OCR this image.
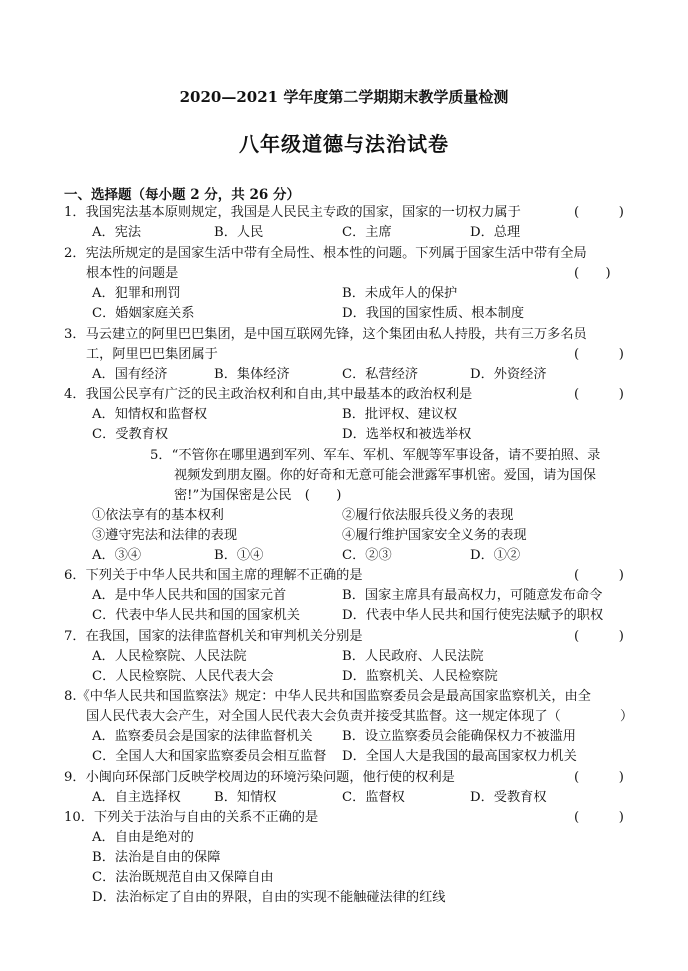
2020—2021 学年度第二学期期末教学质量检测
八年级道德与法治试卷
一、选择题（每小题 2 分，共 26 分）
1．我国宪法基本原则规定，我国是人民民主专政的国家，国家的一切权力属于	(　　　)
A．宪法	B．人民	C．主席	D．总理
2．宪法所规定的是国家生活中带有全局性、根本性的问题。下列属于国家生活中带有全局
根本性的问题是	(　　)
A．犯罪和刑罚	B．未成年人的保护
C．婚姻家庭关系	D．我国的国家性质、根本制度
3．马云建立的阿里巴巴集团，是中国互联网先锋，这个集团由私人持股，共有三万多名员
工，阿里巴巴集团属于	(　　　)
A．国有经济	B．集体经济	C．私营经济	D．外资经济
4．我国公民享有广泛的民主政治权利和自由,其中最基本的政治权利是	(　　　)
A．知情权和监督权	B．批评权、建议权
C．受教育权	D．选举权和被选举权
5．“不管你在哪里遇到军列、军车、军机、军舰等军事设备，请不要拍照、录
视频发到朋友圈。你的好奇和无意可能会泄露军事机密。爱国，请为国保
密!”为国保密是公民　(　　)
①依法享有的基本权利	②履行依法服兵役义务的表现
③遵守宪法和法律的表现	④履行维护国家安全义务的表现
A．③④	B．①④	C．②③	D．①②
6．下列关于中华人民共和国主席的理解不正确的是	(　　　)
A．是中华人民共和国的国家元首	B．国家主席具有最高权力，可随意发布命令
C．代表中华人民共和国的国家机关	D．代表中华人民共和国行使宪法赋予的职权
7．在我国，国家的法律监督机关和审判机关分别是	(　　　)
A．人民检察院、人民法院	B．人民政府、人民法院
C．人民检察院、人民代表大会	D．监察机关、人民检察院
8.《中华人民共和国监察法》规定：中华人民共和国监察委员会是最高国家监察机关，由全
国人民代表大会产生，对全国人民代表大会负责并接受其监督。这一规定体现了（	）
A．监察委员会是国家的法律监督机关 B．设立监察委员会能确保权力不被滥用
C．全国人大和国家监察委员会相互监督 D．全国人大是我国的最高国家权力机关
9．小闽向环保部门反映学校周边的环境污染问题，他行使的权利是	(　　　)
A．自主选择权	B．知情权	C．监督权	D．受教育权
10．下列关于法治与自由的关系不正确的是	(　　　)
A．自由是绝对的
B．法治是自由的保障
C．法治既规范自由又保障自由
D．法治标定了自由的界限，自由的实现不能触碰法律的红线
